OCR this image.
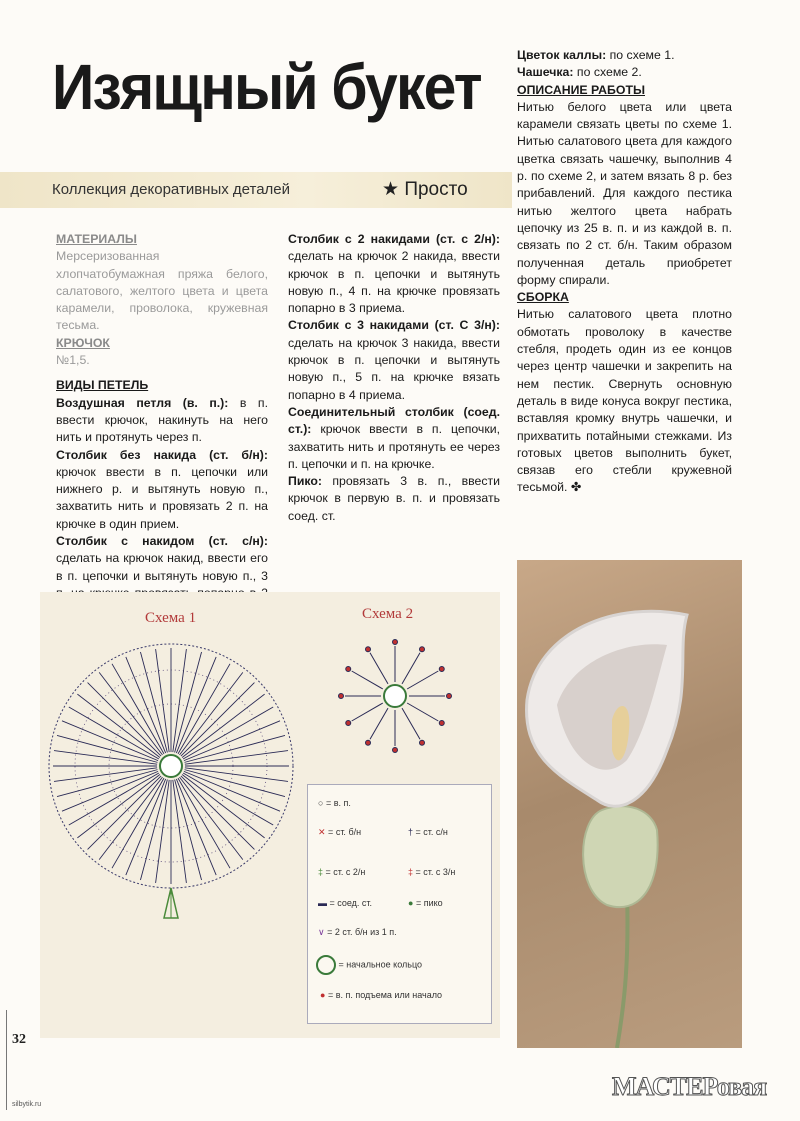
Изящный букет
Коллекция декоративных деталей	★ Просто

МАТЕРИАЛЫ

Мерсеризованная хлопчатобумажная пряжа белого, салатового, желтого цвета и цвета карамели, проволока, кружевная тесьма.

КРЮЧОК

№1,5.

ВИДЫ ПЕТЕЛЬ

Воздушная петля (в. п.): в п. ввести крючок, накинуть на него нить и протянуть через п.

Столбик без накида (ст. б/н): крючок ввести в п. цепочки или нижнего р. и вытянуть новую п., захватить нить и провязать 2 п. на крючке в один прием.

Столбик с накидом (ст. с/н): сделать на крючок накид, ввести его в п. цепочки и вытянуть новую п., 3

Столбик с 2 накидами (ст. с 2/н): сделать на крючок 2 накида, ввести крючок в п. цепочки и вытянуть новую п., 4 п. на крючке провязать попарно в 3 приема.

Столбик с 3 накидами (ст. С 3/н): сделать на крючок 3 накида, ввести крючок в п. цепочки и вытянуть новую п., 5 п. на крючке вязать попарно в 4 приема.

Соединительный столбик (соед. ст.): крючок ввести в п. цепочки, захватить нить и протянуть ее через п. цепочки и п. на крючке.

Пико: провязать 3 в. п., ввести крючок в первую в. п. и провязать соед. ст.

Цветок каллы: по схеме 1.

Чашечка: по схеме 2.

ОПИСАНИЕ РАБОТЫ

Нитью белого цвета или цвета карамели связать цветы по схеме 1. Нитью салатового цвета для каждого цветка связать чашечку, выполнив 4 р. по схеме 2, и затем вязать 8 р. без прибавлений. Для каждого пестика нитью желтого цвета набрать цепочку из 25 в. п. и из каждой в. п. связать по 2 ст. б/н. Таким образом полученная деталь приобретет форму спирали.

СБОРКА

Нитью салатового цвета плотно обмотать проволоку в качестве стебля, продеть один из ее концов через центр чашечки и закрепить на нем пестик. Свернуть основную деталь в виде конуса вокруг пестика, вставляя кромку внутрь чашечки, и прихватить потайными стежками. Из готовых цветов выполнить букет, связав его стебли кружевной тесьмой. ✤

Схема 1	Схема 2
○ = в. п.
✕ = ст. б/н	† = ст. с/н
‡ = ст. с 2/н	‡ = ст. с 3/н
▬ = соед. ст.	● = пико
∨ = 2 ст. б/н из 1 п.
= начальное кольцо
● = в. п. подъема или начало
32
silbytik.ru
МАСТЕРовая
